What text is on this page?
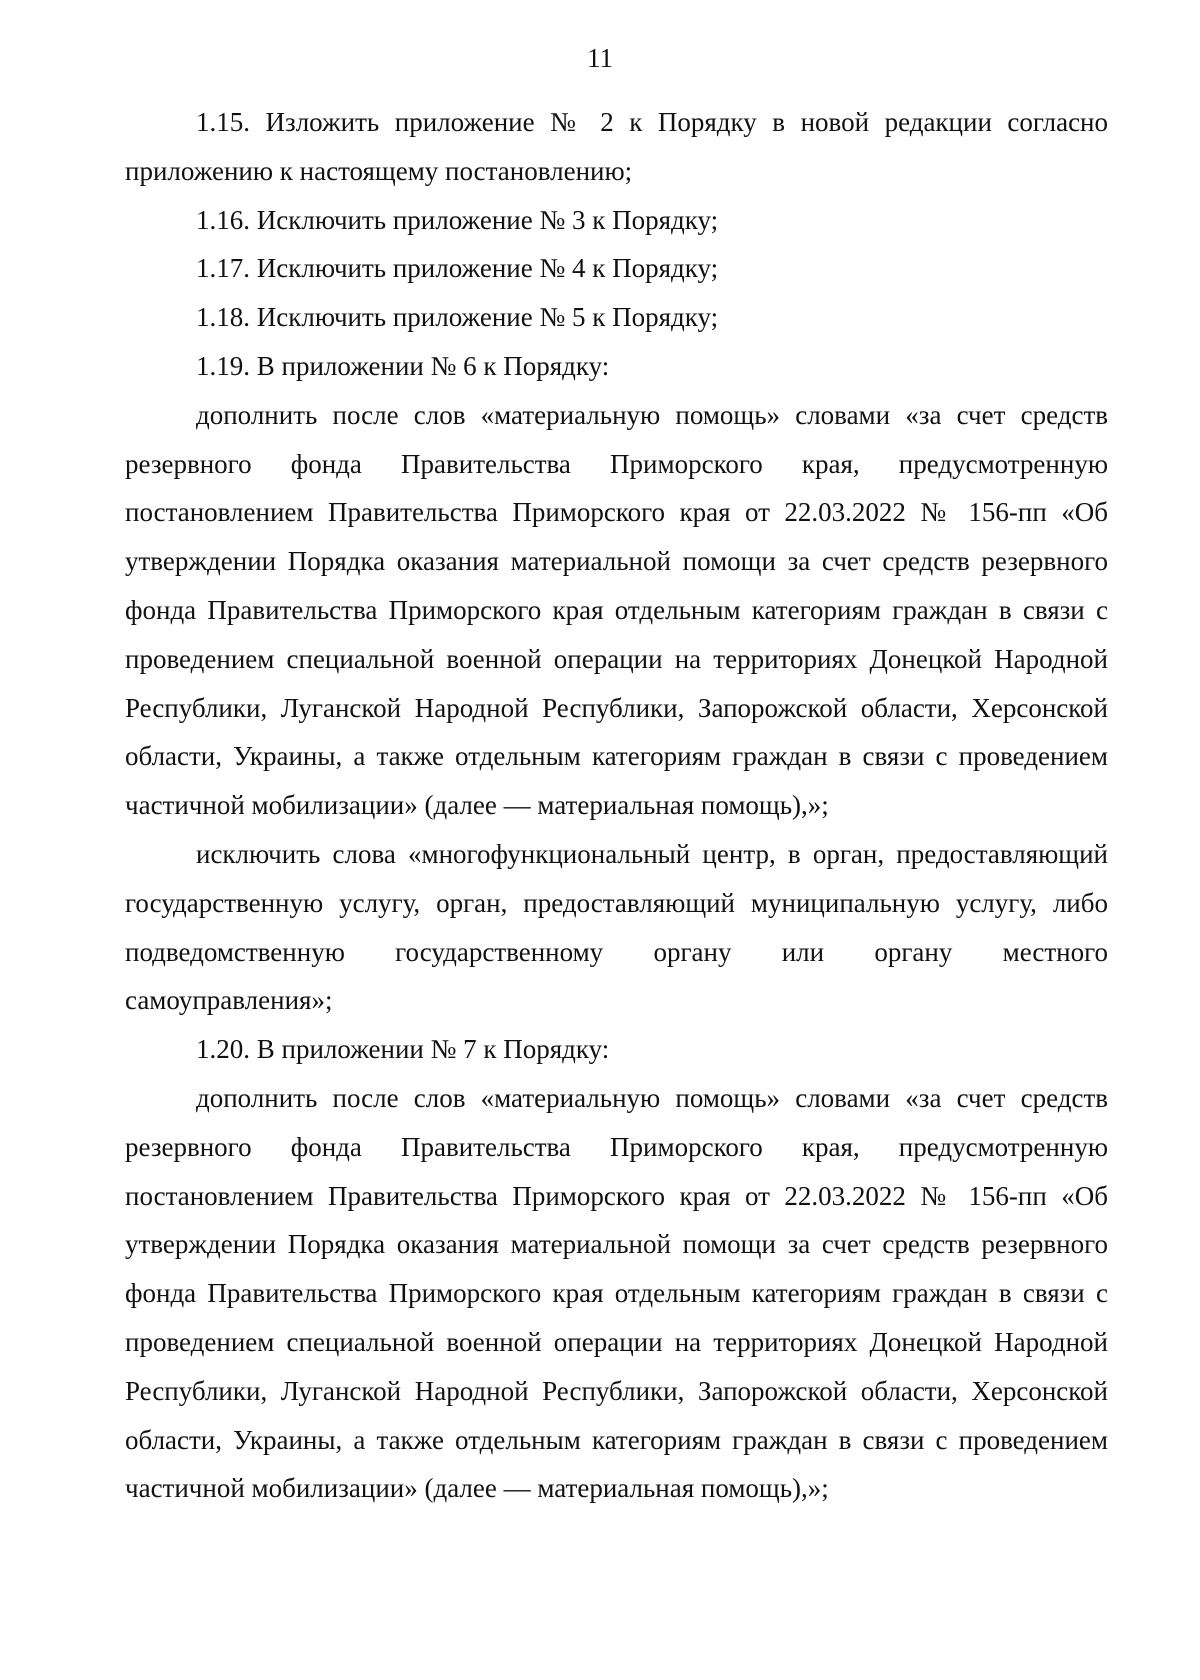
11

1.15. Изложить приложение № 2 к Порядку в новой редакции согласно приложению к настоящему постановлению;

1.16. Исключить приложение № 3 к Порядку;

1.17. Исключить приложение № 4 к Порядку;

1.18. Исключить приложение № 5 к Порядку;

1.19. В приложении № 6 к Порядку:

дополнить после слов «материальную помощь» словами «за счет средств резервного фонда Правительства Приморского края, предусмотренную постановлением Правительства Приморского края от 22.03.2022 № 156-пп «Об утверждении Порядка оказания материальной помощи за счет средств резервного фонда Правительства Приморского края отдельным категориям граждан в связи с проведением специальной военной операции на территориях Донецкой Народной Республики, Луганской Народной Республики, Запорожской области, Херсонской области, Украины, а также отдельным категориям граждан в связи с проведением частичной мобилизации» (далее — материальная помощь),»;

исключить слова «многофункциональный центр, в орган, предоставляющий государственную услугу, орган, предоставляющий муниципальную услугу, либо подведомственную государственному органу или органу местного самоуправления»;

1.20. В приложении № 7 к Порядку:

дополнить после слов «материальную помощь» словами «за счет средств резервного фонда Правительства Приморского края, предусмотренную постановлением Правительства Приморского края от 22.03.2022 № 156-пп «Об утверждении Порядка оказания материальной помощи за счет средств резервного фонда Правительства Приморского края отдельным категориям граждан в связи с проведением специальной военной операции на территориях Донецкой Народной Республики, Луганской Народной Республики, Запорожской области, Херсонской области, Украины, а также отдельным категориям граждан в связи с проведением частичной мобилизации» (далее — материальная помощь),»;
